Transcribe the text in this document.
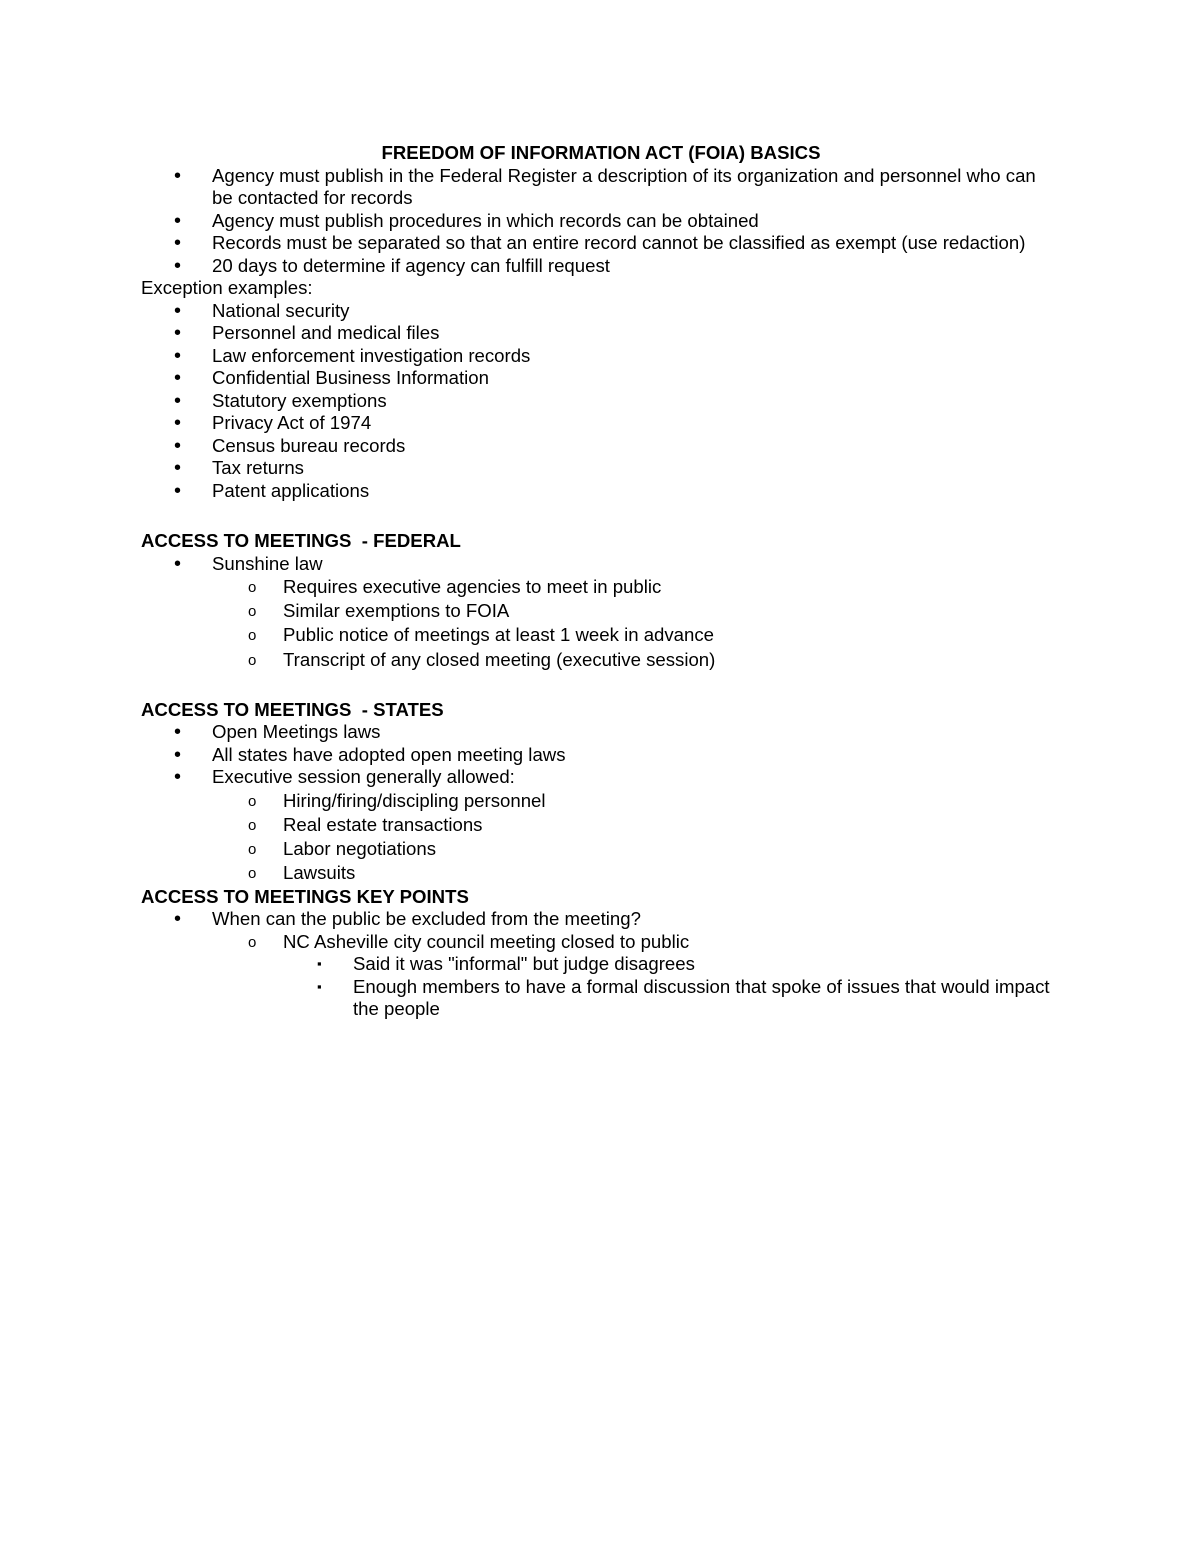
FREEDOM OF INFORMATION ACT (FOIA) BASICS
• Agency must publish in the Federal Register a description of its organization and personnel who can be contacted for records
• Agency must publish procedures in which records can be obtained
• Records must be separated so that an entire record cannot be classified as exempt (use redaction)
• 20 days to determine if agency can fulfill request
Exception examples:
• National security
• Personnel and medical files
• Law enforcement investigation records
• Confidential Business Information
• Statutory exemptions
• Privacy Act of 1974
• Census bureau records
• Tax returns
• Patent applications
ACCESS TO MEETINGS  - FEDERAL
• Sunshine law
o Requires executive agencies to meet in public
o Similar exemptions to FOIA
o Public notice of meetings at least 1 week in advance
o Transcript of any closed meeting (executive session)
ACCESS TO MEETINGS  - STATES
• Open Meetings laws
• All states have adopted open meeting laws
• Executive session generally allowed:
o Hiring/firing/discipling personnel
o Real estate transactions
o Labor negotiations
o Lawsuits
ACCESS TO MEETINGS KEY POINTS
• When can the public be excluded from the meeting?
o NC Asheville city council meeting closed to public
▪ Said it was "informal" but judge disagrees
▪ Enough members to have a formal discussion that spoke of issues that would impact the people
